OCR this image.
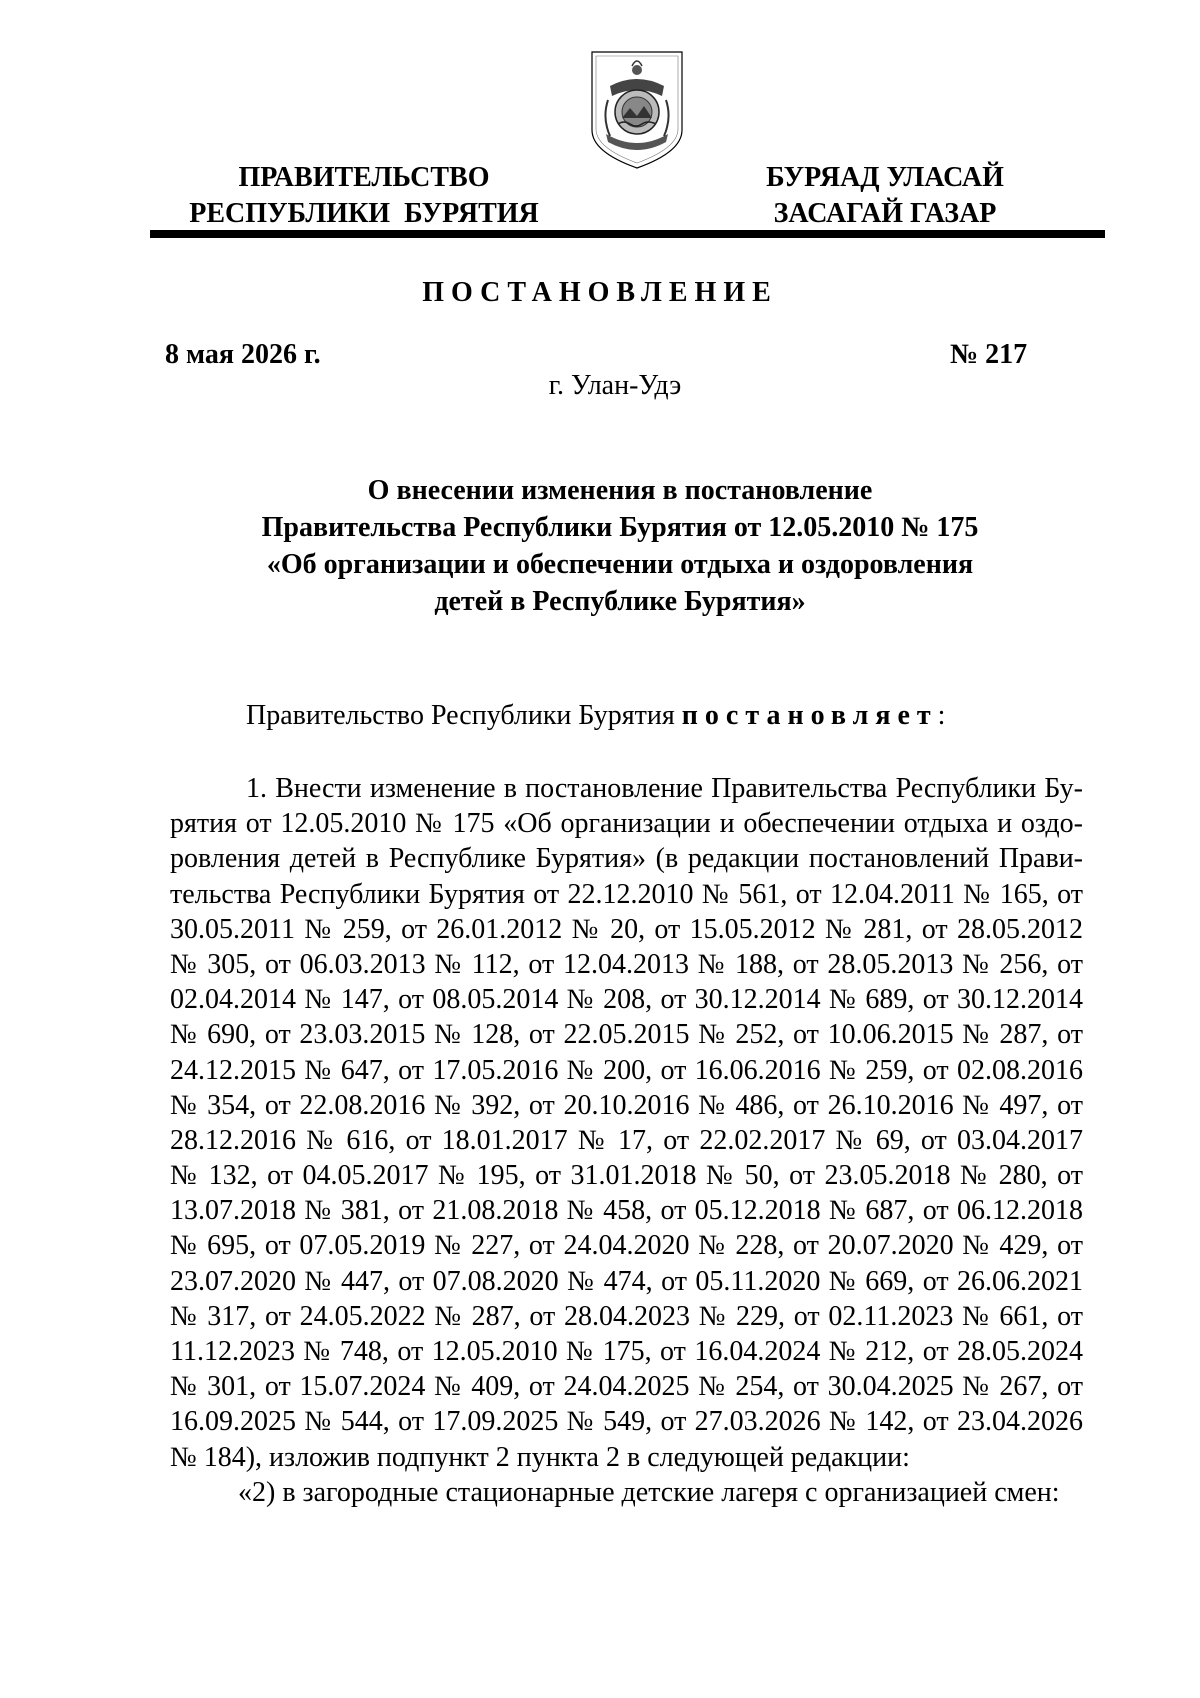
ПРАВИТЕЛЬСТВО
РЕСПУБЛИКИ  БУРЯТИЯ
БУРЯАД УЛАСАЙ
ЗАСАГАЙ ГАЗАР
ПОСТАНОВЛЕНИЕ
8 мая 2026 г.	№ 217
г. Улан-Удэ
О внесении изменения в постановление
Правительства Республики Бурятия от 12.05.2010 № 175
«Об организации и обеспечении отдыха и оздоровления
детей в Республике Бурятия»
Правительство Республики Бурятия постановляет:
1. Внести изменение в постановление Правительства Республики Бу-
рятия от 12.05.2010 № 175 «Об организации и обеспечении отдыха и оздо-
ровления детей в Республике Бурятия» (в редакции постановлений Прави-
тельства Республики Бурятия от 22.12.2010 № 561, от 12.04.2011 № 165, от
30.05.2011 № 259, от 26.01.2012 № 20, от 15.05.2012 № 281, от 28.05.2012
№ 305, от 06.03.2013 № 112, от 12.04.2013 № 188, от 28.05.2013 № 256, от
02.04.2014 № 147, от 08.05.2014 № 208, от 30.12.2014 № 689, от 30.12.2014
№ 690, от 23.03.2015 № 128, от 22.05.2015 № 252, от 10.06.2015 № 287, от
24.12.2015 № 647, от 17.05.2016 № 200, от 16.06.2016 № 259, от 02.08.2016
№ 354, от 22.08.2016 № 392, от 20.10.2016 № 486, от 26.10.2016 № 497, от
28.12.2016 № 616, от 18.01.2017 № 17, от 22.02.2017 № 69, от 03.04.2017
№ 132, от 04.05.2017 № 195, от 31.01.2018 № 50, от 23.05.2018 № 280, от
13.07.2018 № 381, от 21.08.2018 № 458, от 05.12.2018 № 687, от 06.12.2018
№ 695, от 07.05.2019 № 227, от 24.04.2020 № 228, от 20.07.2020 № 429, от
23.07.2020 № 447, от 07.08.2020 № 474, от 05.11.2020 № 669, от 26.06.2021
№ 317, от 24.05.2022 № 287, от 28.04.2023 № 229, от 02.11.2023 № 661, от
11.12.2023 № 748, от 12.05.2010 № 175, от 16.04.2024 № 212, от 28.05.2024
№ 301, от 15.07.2024 № 409, от 24.04.2025 № 254, от 30.04.2025 № 267, от
16.09.2025 № 544, от 17.09.2025 № 549, от 27.03.2026 № 142, от 23.04.2026
№ 184), изложив подпункт 2 пункта 2 в следующей редакции:
«2) в загородные стационарные детские лагеря с организацией смен:
